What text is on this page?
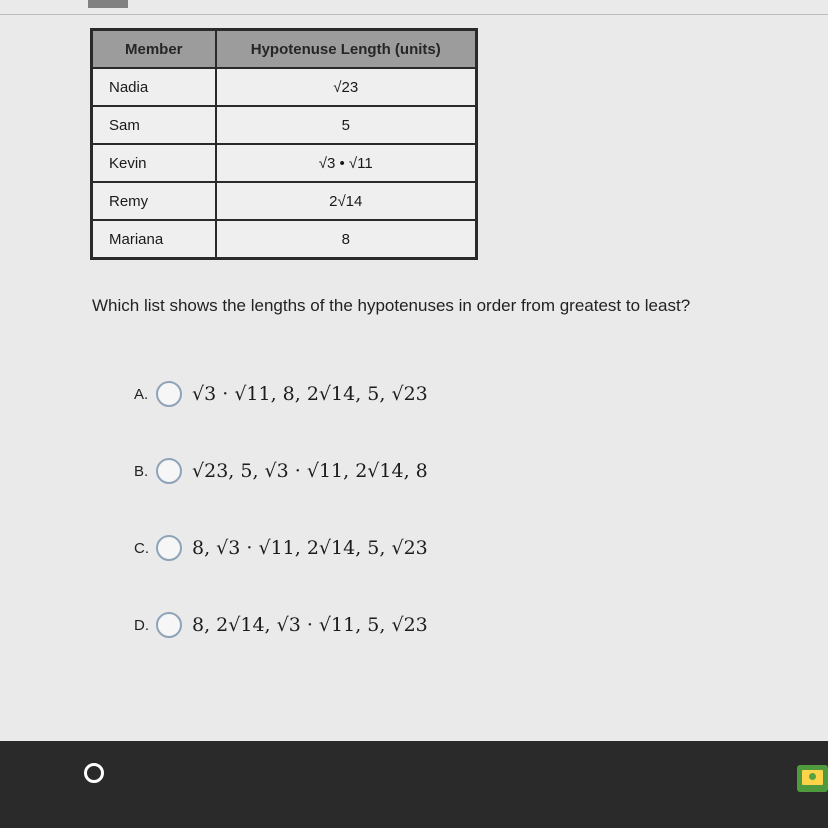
Member	Hypotenuse Length (units)
Nadia	√23
Sam	5
Kevin	√3 • √11
Remy	2√14
Mariana	8
Which list shows the lengths of the hypotenuses in order from greatest to least?
A.	√3 · √11, 8, 2√14, 5, √23
B.	√23, 5, √3 · √11, 2√14, 8
C. 8, √3 · √11, 2√14, 5, √23
D. 8, 2√14, √3 · √11, 5, √23
